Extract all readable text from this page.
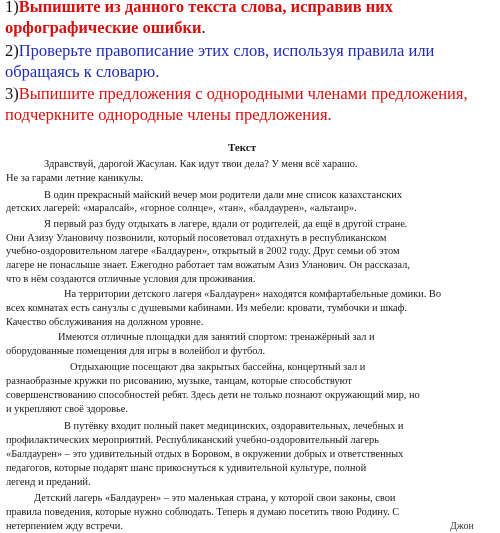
1)Выпишите из данного текста слова, исправив них
орфографические ошибки.
2)Проверьте правописание этих слов, используя правила или
обращаясь к словарю.
3)Выпишите предложения с однородными членами предложения,
подчеркните однородные члены предложения.
Текст
Здравствуй, дарогой Жасулан. Как идут твои дела? У меня всё харашо.
Не за гарами летние каникулы.
В один прекрасный майский вечер мои родители дали мне список казахстанских
детских лагерей: «маралсай», «горное солнце», «тан», «балдаурен», «альтаир».
Я первый раз буду отдыхать в лагере, вдали от родителей, да ещё в другой стране.
Они Азизу Улановичу позвонили, который посоветовал отдахнуть в республиканском
учебно-оздоровительном лагере «Балдаурен», открытый в 2002 году. Друг семьи об этом
лагере не понаслыше знает. Ежегодно работает там вожатым Азиз Уланович. Он рассказал,
что в нём создаются отличные условия для проживания.
На территории детского лагеря «Балдаурен» находятся комфартабельные домики. Во
всех комнатах есть санузлы с душевыми кабинами. Из мебели: кровати, тумбочки и шкаф.
Качество обслуживания на должном уровне.
Имеются отличные площадки для занятий спортом: тренажёрный зал и
оборудованные помещения для игры в волейбол и футбол.
Отдыхающие посещают два закрытых бассейна, концертный зал и
разнаобразные кружки по рисованию, музыке, танцам, которые способствуют
совершенствованию способностей ребят. Здесь дети не только познают окружающий мир, но
и укрепляют своё здоровье.
В путёвку входит полный пакет медицинских, оздоравительных, лечебных и
профилактических мероприятий. Республиканский учебно-оздоровительный лагерь
«Балдаурен» – это удивительный отдых в Боровом, в окружении добрых и ответственных
педагогов, которые подарят шанс прикоснуться к удивительной культуре, полной
легенд и преданий.
Детский лагерь «Балдаурен» – это маленькая страна, у которой свои законы, свои
правила поведения, которые нужно соблюдать. Теперь я думаю посетить твою Родину. С
нетерпением жду встречи.	Джон
